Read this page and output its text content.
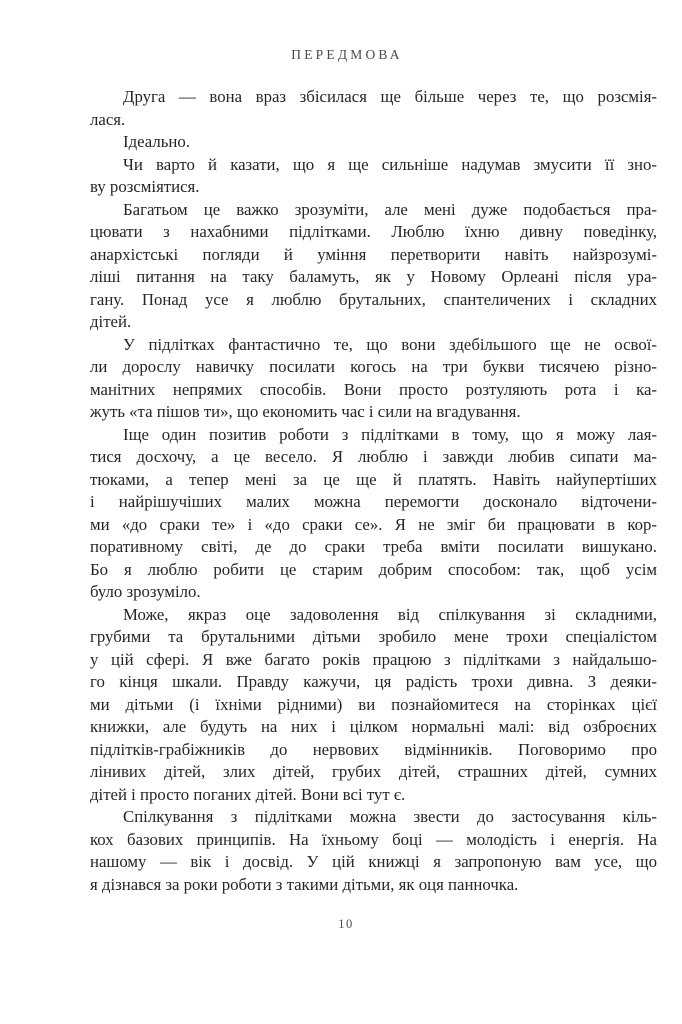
ПЕРЕДМОВА
Друга — вона враз збісилася ще більше через те, що розсмія-
лася.
Ідеально.
Чи варто й казати, що я ще сильніше надумав змусити її зно-
ву розсміятися.
Багатьом це важко зрозуміти, але мені дуже подобається пра-
цювати з нахабними підлітками. Люблю їхню дивну поведінку,
анархістські погляди й уміння перетворити навіть найзрозумі-
ліші питання на таку баламуть, як у Новому Орлеані після ура-
гану. Понад усе я люблю брутальних, спантеличених і складних
дітей.
У підлітках фантастично те, що вони здебільшого ще не освої-
ли дорослу навичку посилати когось на три букви тисячею різно-
манітних непрямих способів. Вони просто розтуляють рота і ка-
жуть «та пішов ти», що економить час і сили на вгадування.
Іще один позитив роботи з підлітками в тому, що я можу лая-
тися досхочу, а це весело. Я люблю і завжди любив сипати ма-
тюками, а тепер мені за це ще й платять. Навіть найупертіших
і найрішучіших малих можна перемогти досконало відточени-
ми «до сраки те» і «до сраки се». Я не зміг би працювати в кор-
поративному світі, де до сраки треба вміти посилати вишукано.
Бо я люблю робити це старим добрим способом: так, щоб усім
було зрозуміло.
Може, якраз оце задоволення від спілкування зі складними,
грубими та брутальними дітьми зробило мене трохи спеціалістом
у цій сфері. Я вже багато років працюю з підлітками з найдальшо-
го кінця шкали. Правду кажучи, ця радість трохи дивна. З деяки-
ми дітьми (і їхніми рідними) ви познайомитеся на сторінках цієї
книжки, але будуть на них і цілком нормальні малі: від озброєних
підлітків-грабіжників до нервових відмінників. Поговоримо про
лінивих дітей, злих дітей, грубих дітей, страшних дітей, сумних
дітей і просто поганих дітей. Вони всі тут є.
Спілкування з підлітками можна звести до застосування кіль-
кох базових принципів. На їхньому боці — молодість і енергія. На
нашому — вік і досвід. У цій книжці я запропоную вам усе, що
я дізнався за роки роботи з такими дітьми, як оця панночка.
10
